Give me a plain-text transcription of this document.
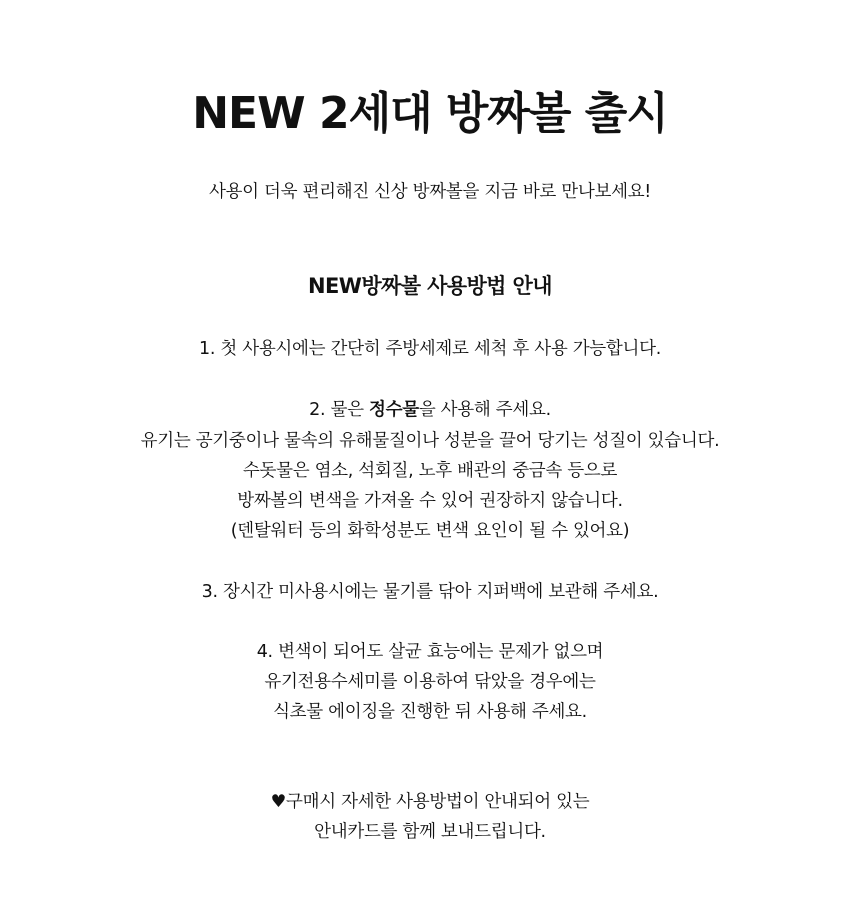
NEW 2세대 방짜볼 출시
사용이 더욱 편리해진 신상 방짜볼을 지금 바로 만나보세요!
NEW방짜볼 사용방법 안내
1. 첫 사용시에는 간단히 주방세제로 세척 후 사용 가능합니다.
2. 물은 정수물을 사용해 주세요.
유기는 공기중이나 물속의 유해물질이나 성분을 끌어 당기는 성질이 있습니다.
수돗물은 염소, 석회질, 노후 배관의 중금속 등으로
방짜볼의 변색을 가져올 수 있어 권장하지 않습니다.
(덴탈워터 등의 화학성분도 변색 요인이 될 수 있어요)
3. 장시간 미사용시에는 물기를 닦아 지퍼백에 보관해 주세요.
4. 변색이 되어도 살균 효능에는 문제가 없으며
유기전용수세미를 이용하여 닦았을 경우에는
식초물 에이징을 진행한 뒤 사용해 주세요.
♥구매시 자세한 사용방법이 안내되어 있는
안내카드를 함께 보내드립니다.
